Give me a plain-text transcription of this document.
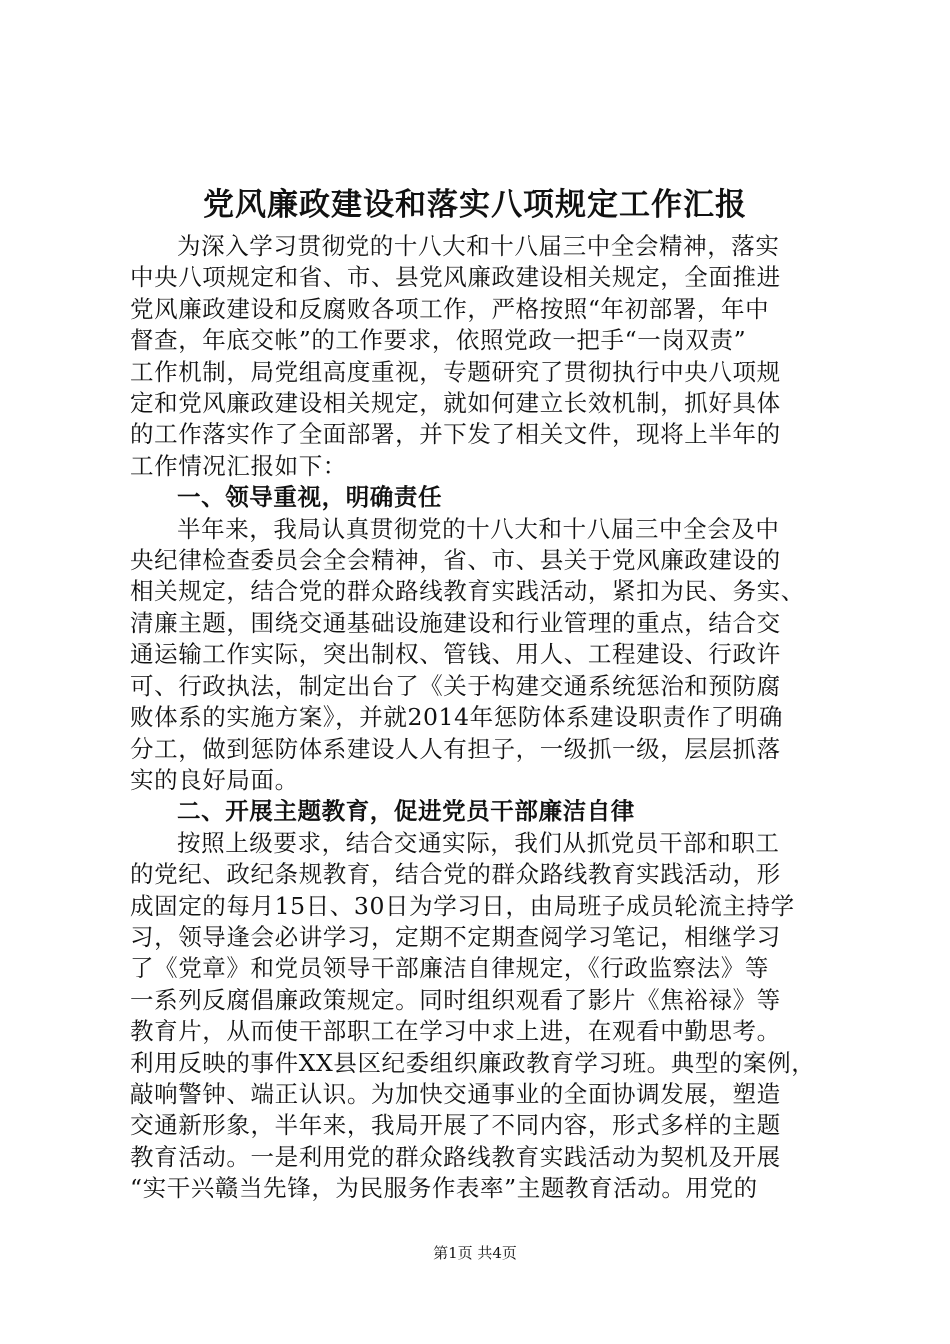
党风廉政建设和落实八项规定工作汇报
为深入学习贯彻党的十八大和十八届三中全会精神，落实
中央八项规定和省、市、县党风廉政建设相关规定，全面推进
党风廉政建设和反腐败各项工作，严格按照“年初部署，年中
督查，年底交帐”的工作要求，依照党政一把手“一岗双责”
工作机制，局党组高度重视，专题研究了贯彻执行中央八项规
定和党风廉政建设相关规定，就如何建立长效机制，抓好具体
的工作落实作了全面部署，并下发了相关文件，现将上半年的
工作情况汇报如下：
一、领导重视，明确责任
半年来，我局认真贯彻党的十八大和十八届三中全会及中
央纪律检查委员会全会精神，省、市、县关于党风廉政建设的
相关规定，结合党的群众路线教育实践活动，紧扣为民、务实、
清廉主题，围绕交通基础设施建设和行业管理的重点，结合交
通运输工作实际，突出制权、管钱、用人、工程建设、行政许
可、行政执法，制定出台了《关于构建交通系统惩治和预防腐
败体系的实施方案》，并就2014年惩防体系建设职责作了明确
分工，做到惩防体系建设人人有担子，一级抓一级，层层抓落
实的良好局面。
二、开展主题教育，促进党员干部廉洁自律
按照上级要求，结合交通实际，我们从抓党员干部和职工
的党纪、政纪条规教育，结合党的群众路线教育实践活动，形
成固定的每月15日、30日为学习日，由局班子成员轮流主持学
习，领导逢会必讲学习，定期不定期查阅学习笔记，相继学习
了《党章》和党员领导干部廉洁自律规定，《行政监察法》等
一系列反腐倡廉政策规定。同时组织观看了影片《焦裕禄》等
教育片，从而使干部职工在学习中求上进，在观看中勤思考。
利用反映的事件XX县区纪委组织廉政教育学习班。典型的案例，
敲响警钟、端正认识。为加快交通事业的全面协调发展，塑造
交通新形象，半年来，我局开展了不同内容，形式多样的主题
教育活动。一是利用党的群众路线教育实践活动为契机及开展
“实干兴赣当先锋，为民服务作表率”主题教育活动。用党的
第1页 共4页
